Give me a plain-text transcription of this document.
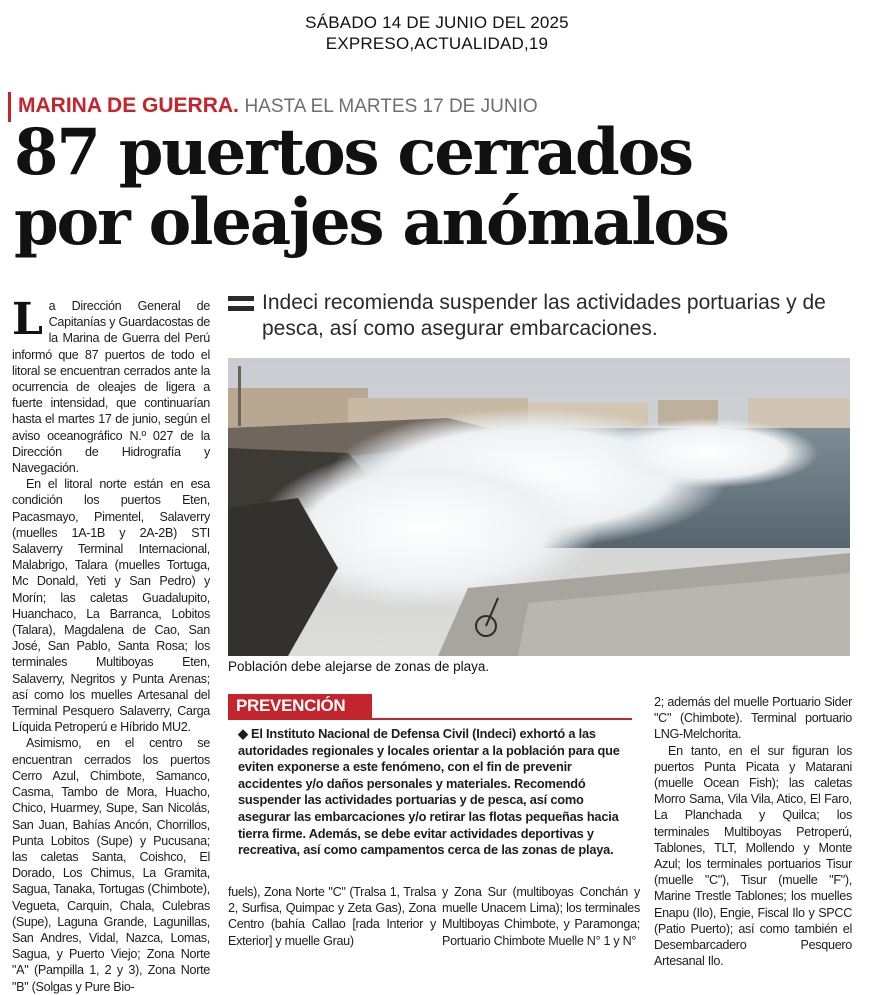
SÁBADO 14 DE JUNIO DEL 2025
EXPRESO,ACTUALIDAD,19
MARINA DE GUERRA. HASTA EL MARTES 17 DE JUNIO
87 puertos cerrados
por oleajes anómalos
Indeci recomienda suspender las actividades portuarias y de pesca, así como asegurar embarcaciones.

La Dirección General de Capitanías y Guardacostas de la Marina de Guerra del Perú informó que 87 puertos de todo el litoral se encuentran cerrados ante la ocurrencia de oleajes de ligera a fuerte intensidad, que continuarían hasta el martes 17 de junio, según el aviso oceanográfico N.º 027 de la Dirección de Hidrografía y Navegación.

En el litoral norte están en esa condición los puertos Eten, Pacasmayo, Pimentel, Salaverry (muelles 1A-1B y 2A-2B) STI Salaverry Terminal Internacional, Malabrigo, Talara (muelles Tortuga, Mc Donald, Yeti y San Pedro) y Morín; las caletas Guadalupito, Huanchaco, La Barranca, Lobitos (Talara), Magdalena de Cao, San José, San Pablo, Santa Rosa; los terminales Multiboyas Eten, Salaverry, Negritos y Punta Arenas; así como los muelles Artesanal del Terminal Pesquero Salaverry, Carga Líquida Petroperú e Híbrido MU2.

Asimismo, en el centro se encuentran cerrados los puertos Cerro Azul, Chimbote, Samanco, Casma, Tambo de Mora, Huacho, Chico, Huarmey, Supe, San Nicolás, San Juan, Bahías Ancón, Chorrillos, Punta Lobitos (Supe) y Pucusana; las caletas Santa, Coishco, El Dorado, Los Chimus, La Gramita, Sagua, Tanaka, Tortugas (Chimbote), Vegueta, Carquin, Chala, Culebras (Supe), Laguna Grande, Lagunillas, San Andres, Vidal, Nazca, Lomas, Sagua, y Puerto Viejo; Zona Norte "A" (Pampilla 1, 2 y 3), Zona Norte "B" (Solgas y Pure Bio-

Población debe alejarse de zonas de playa.
PREVENCIÓN
◆ El Instituto Nacional de Defensa Civil (Indeci) exhortó a las autoridades regionales y locales orientar a la población para que eviten exponerse a este fenómeno, con el fin de prevenir accidentes y/o daños personales y materiales. Recomendó suspender las actividades portuarias y de pesca, así como asegurar las embarcaciones y/o retirar las flotas pequeñas hacia tierra firme. Además, se debe evitar actividades deportivas y recreativa, así como campamentos cerca de las zonas de playa.

fuels), Zona Norte "C" (Tralsa 1, Tralsa 2, Surfisa, Quimpac y Zeta Gas), Zona Centro (bahía Callao [rada Interior y Exterior] y muelle Grau)

y Zona Sur (multiboyas Conchán y muelle Unacem Lima); los terminales Multiboyas Chimbote, y Paramonga; Portuario Chimbote Muelle N° 1 y N°

2; además del muelle Portuario Sider "C" (Chimbote). Terminal portuario LNG-Melchorita.

En tanto, en el sur figuran los puertos Punta Picata y Matarani (muelle Ocean Fish); las caletas Morro Sama, Vila Vila, Atico, El Faro, La Planchada y Quilca; los terminales Multiboyas Petroperú, Tablones, TLT, Mollendo y Monte Azul; los terminales portuarios Tisur (muelle "C"), Tisur (muelle "F"), Marine Trestle Tablones; los muelles Enapu (Ilo), Engie, Fiscal Ilo y SPCC (Patio Puerto); así como también el Desembarcadero Pesquero Artesanal Ilo.
